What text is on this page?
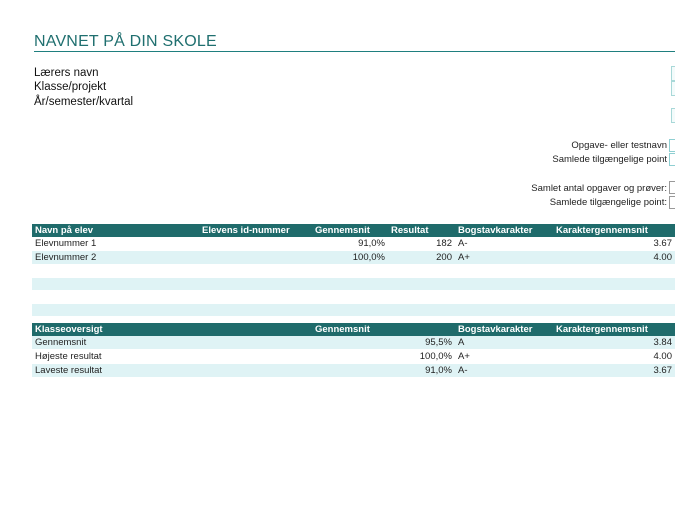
NAVNET PÅ DIN SKOLE
Lærers navn
Klasse/projekt
År/semester/kvartal
Opgave- eller testnavn
Samlede tilgængelige point
Samlet antal opgaver og prøver:
Samlede tilgængelige point:
Navn på elev	Elevens id-nummer	Gennemsnit	Resultat	Bogstavkarakter	Karaktergennemsnit
Elevnummer 1		91,0%	182	A-	3.67
Elevnummer 2		100,0%	200	A+	4.00

Klasseoversigt	Gennemsnit	Bogstavkarakter	Karaktergennemsnit
Gennemsnit	95,5%	A	3.84
Højeste resultat	100,0%	A+	4.00
Laveste resultat	91,0%	A-	3.67
